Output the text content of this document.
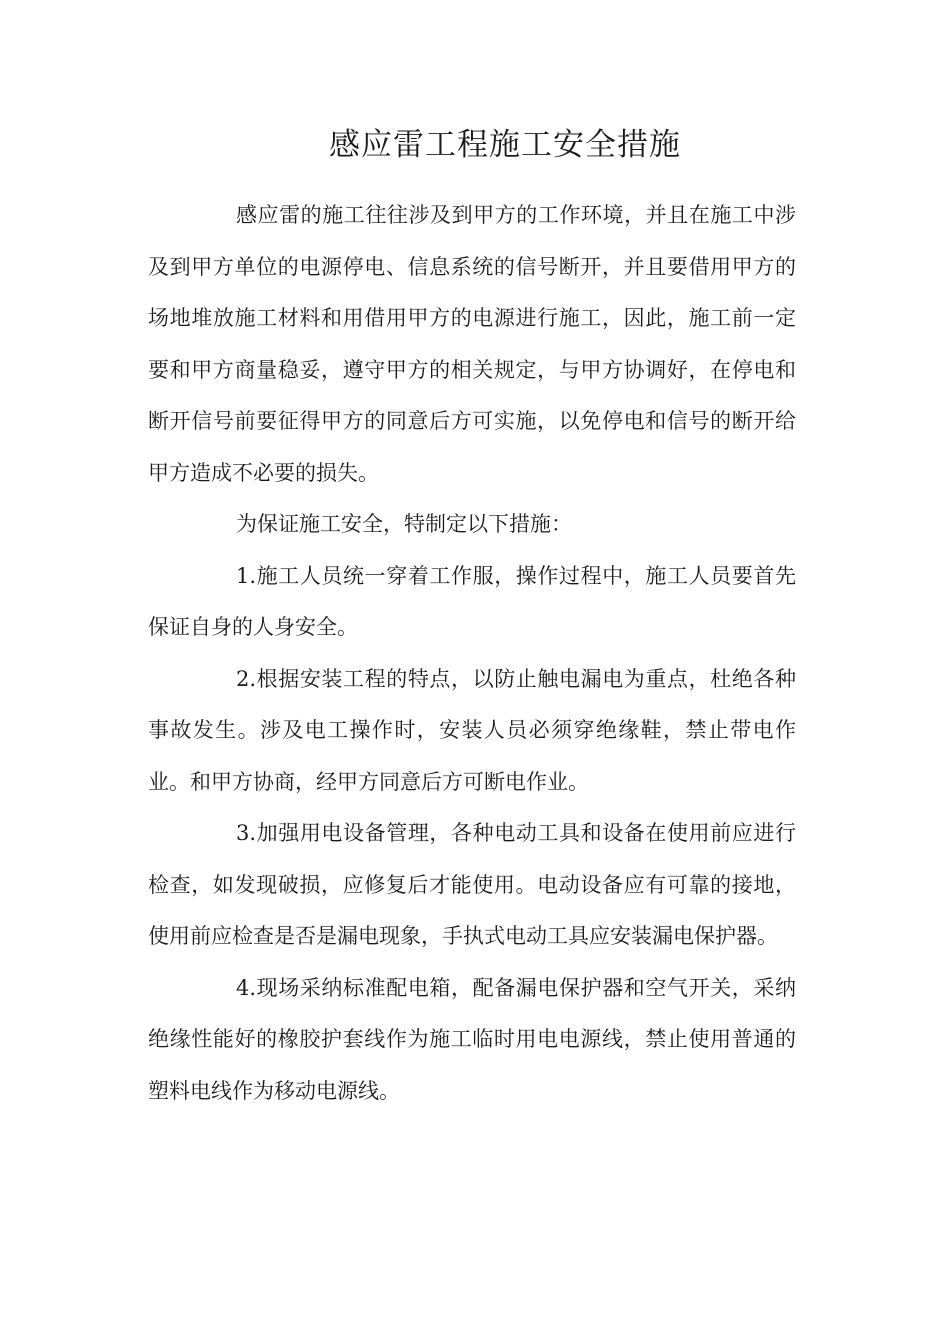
感应雷工程施工安全措施

感应雷的施工往往涉及到甲方的工作环境，并且在施工中涉及到甲方单位的电源停电、信息系统的信号断开，并且要借用甲方的场地堆放施工材料和用借用甲方的电源进行施工，因此，施工前一定要和甲方商量稳妥，遵守甲方的相关规定，与甲方协调好，在停电和断开信号前要征得甲方的同意后方可实施，以免停电和信号的断开给甲方造成不必要的损失。

为保证施工安全，特制定以下措施：

1.施工人员统一穿着工作服，操作过程中，施工人员要首先保证自身的人身安全。

2.根据安装工程的特点，以防止触电漏电为重点，杜绝各种事故发生。涉及电工操作时，安装人员必须穿绝缘鞋，禁止带电作业。和甲方协商，经甲方同意后方可断电作业。

3.加强用电设备管理，各种电动工具和设备在使用前应进行检查，如发现破损，应修复后才能使用。电动设备应有可靠的接地，使用前应检查是否是漏电现象，手执式电动工具应安装漏电保护器。

4.现场采纳标准配电箱，配备漏电保护器和空气开关，采纳绝缘性能好的橡胶护套线作为施工临时用电电源线，禁止使用普通的塑料电线作为移动电源线。
